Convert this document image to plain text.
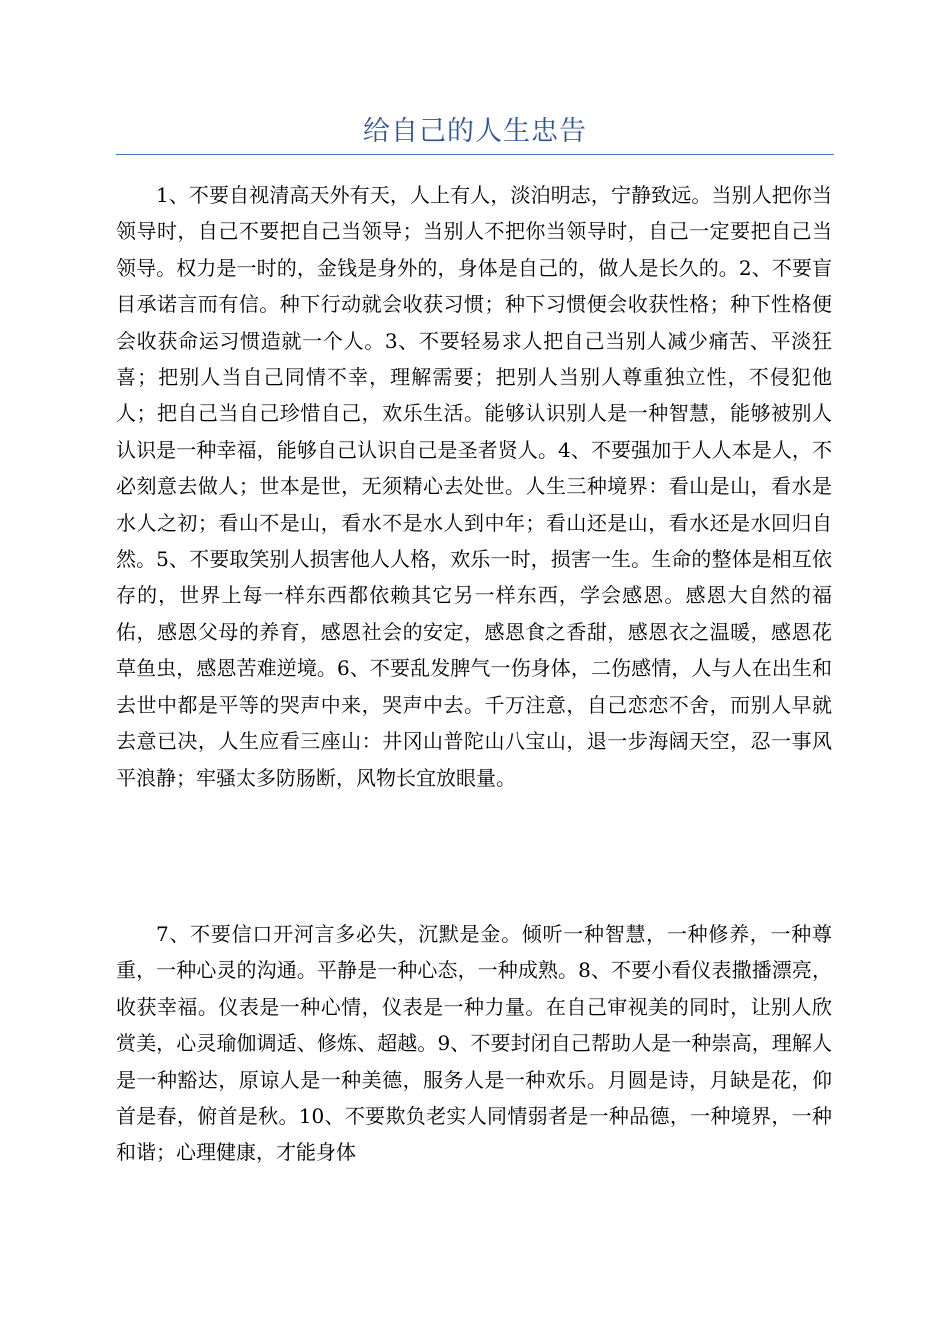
给自己的人生忠告

1、不要自视清高天外有天，人上有人，淡泊明志，宁静致远。当别人把你当领导时，自己不要把自己当领导；当别人不把你当领导时，自己一定要把自己当领导。权力是一时的，金钱是身外的，身体是自己的，做人是长久的。2、不要盲目承诺言而有信。种下行动就会收获习惯；种下习惯便会收获性格；种下性格便会收获命运习惯造就一个人。3、不要轻易求人把自己当别人减少痛苦、平淡狂喜；把别人当自己同情不幸，理解需要；把别人当别人尊重独立性，不侵犯他人；把自己当自己珍惜自己，欢乐生活。能够认识别人是一种智慧，能够被别人认识是一种幸福，能够自己认识自己是圣者贤人。4、不要强加于人人本是人，不必刻意去做人；世本是世，无须精心去处世。人生三种境界：看山是山，看水是水人之初；看山不是山，看水不是水人到中年；看山还是山，看水还是水回归自然。5、不要取笑别人损害他人人格，欢乐一时，损害一生。生命的整体是相互依存的，世界上每一样东西都依赖其它另一样东西，学会感恩。感恩大自然的福佑，感恩父母的养育，感恩社会的安定，感恩食之香甜，感恩衣之温暖，感恩花草鱼虫，感恩苦难逆境。6、不要乱发脾气一伤身体，二伤感情，人与人在出生和去世中都是平等的哭声中来，哭声中去。千万注意，自己恋恋不舍，而别人早就去意已决，人生应看三座山：井冈山普陀山八宝山，退一步海阔天空，忍一事风平浪静；牢骚太多防肠断，风物长宜放眼量。

7、不要信口开河言多必失，沉默是金。倾听一种智慧，一种修养，一种尊重，一种心灵的沟通。平静是一种心态，一种成熟。8、不要小看仪表撒播漂亮，收获幸福。仪表是一种心情，仪表是一种力量。在自己审视美的同时，让别人欣赏美，心灵瑜伽调适、修炼、超越。9、不要封闭自己帮助人是一种崇高，理解人是一种豁达，原谅人是一种美德，服务人是一种欢乐。月圆是诗，月缺是花，仰首是春，俯首是秋。10、不要欺负老实人同情弱者是一种品德，一种境界，一种和谐；心理健康，才能身体
